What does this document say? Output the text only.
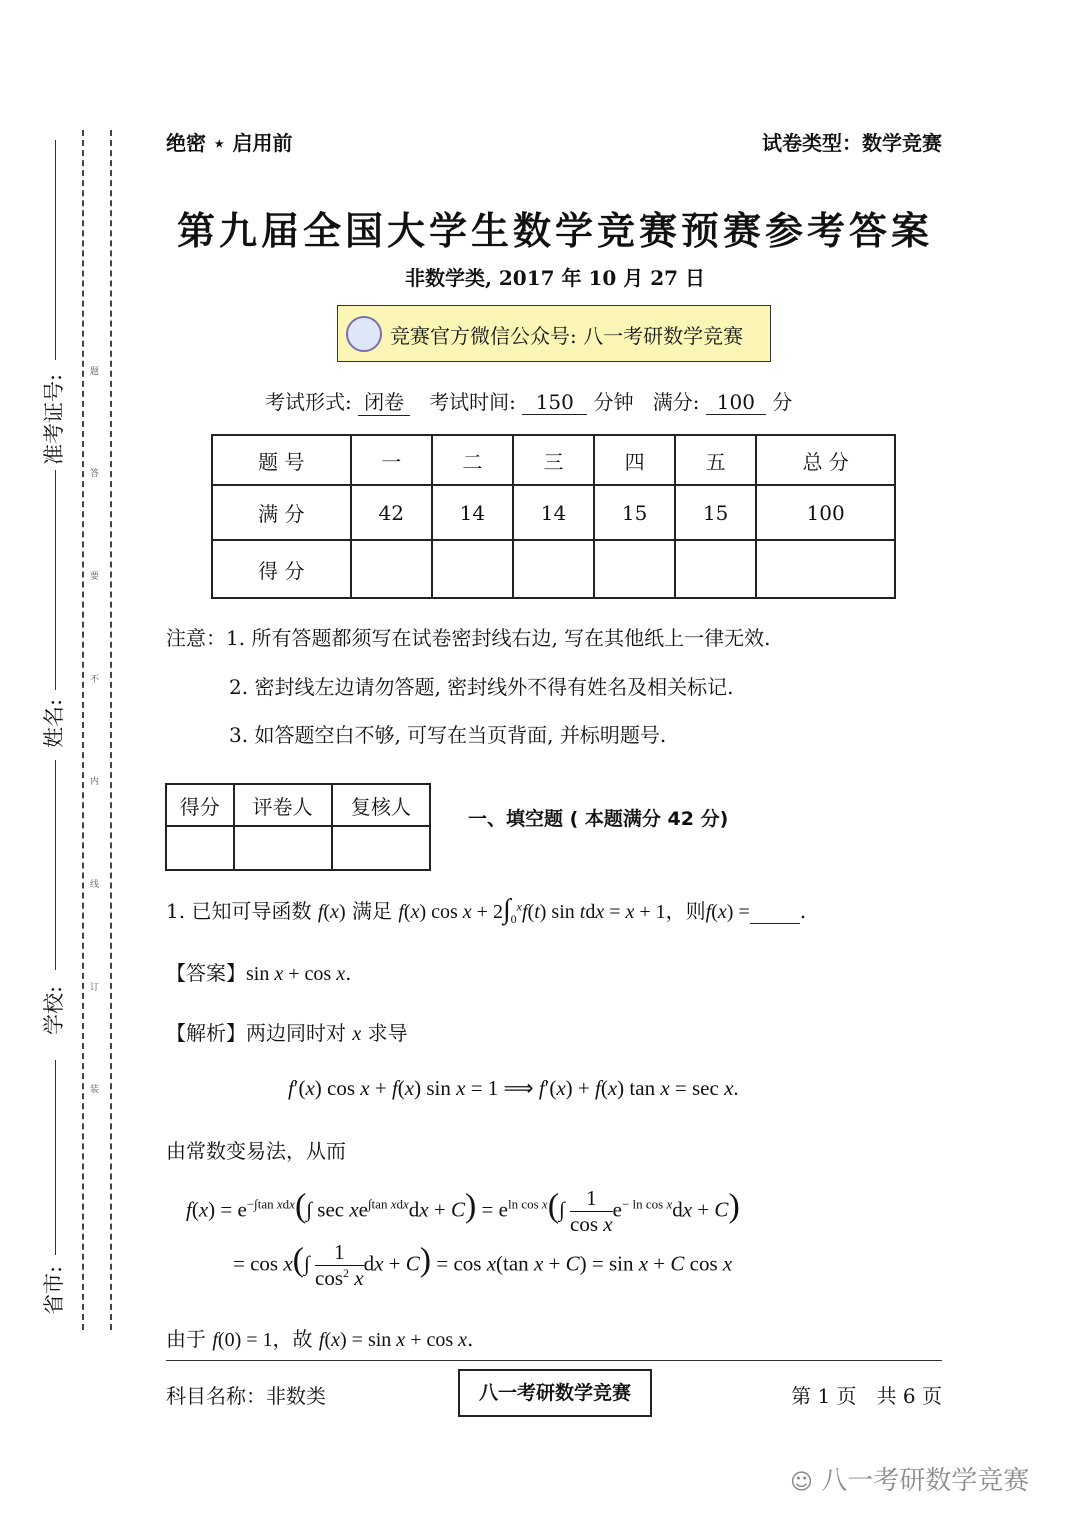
准考证号:
姓名:
学校:
省市:
题
答
要
不
内
线
订
装
绝密 ⋆ 启用前	试卷类型：数学竞赛
第九届全国大学生数学竞赛预赛参考答案
非数学类, 2017 年 10 月 27 日
竞赛官方微信公众号: 八一考研数学竞赛
考试形式: 闭卷 考试时间: 150 分钟 满分: 100 分
题 号	一	二	三	四	五	总 分
满 分	42	14	14	15	15	100
得 分						
注意：1. 所有答题都须写在试卷密封线右边, 写在其他纸上一律无效.
2. 密封线左边请勿答题, 密封线外不得有姓名及相关标记.
3. 如答题空白不够, 可写在当页背面, 并标明题号.
得分	评卷人	复核人

一、填空题 ( 本题满分 42 分)
1. 已知可导函数 f(x) 满足 f(x) $\cos x + 2\int_0^xf(t)$ sin tdx = x + 1，则f(x) =	.
【答案】sin x + cos x.
【解析】两边同时对 x 求导
f′(x) cos x + f(x) sin x = 1 ⟹ f′(x) + f(x) tan x = sec x.
由常数变易法，从而
$f(x) = e^{-\int tan xdx}(\int$ $\sec xe^{\int tan xdx}dx + C) = e^{ln cos x}(\int \frac{1}{\text{cos x}}e^{- ln cos x}dx + C)$
= $\cos x(\int \frac{1}{\cos^2 x}dx + C) = \cos x(\tan$ x + C) = sin x + C cos x
由于 f(0) = 1，故 f(x) = sin x + cos x.
科目名称：非数类	八一考研数学竞赛	第 1 页　共 6 页
☺ 八一考研数学竞赛
